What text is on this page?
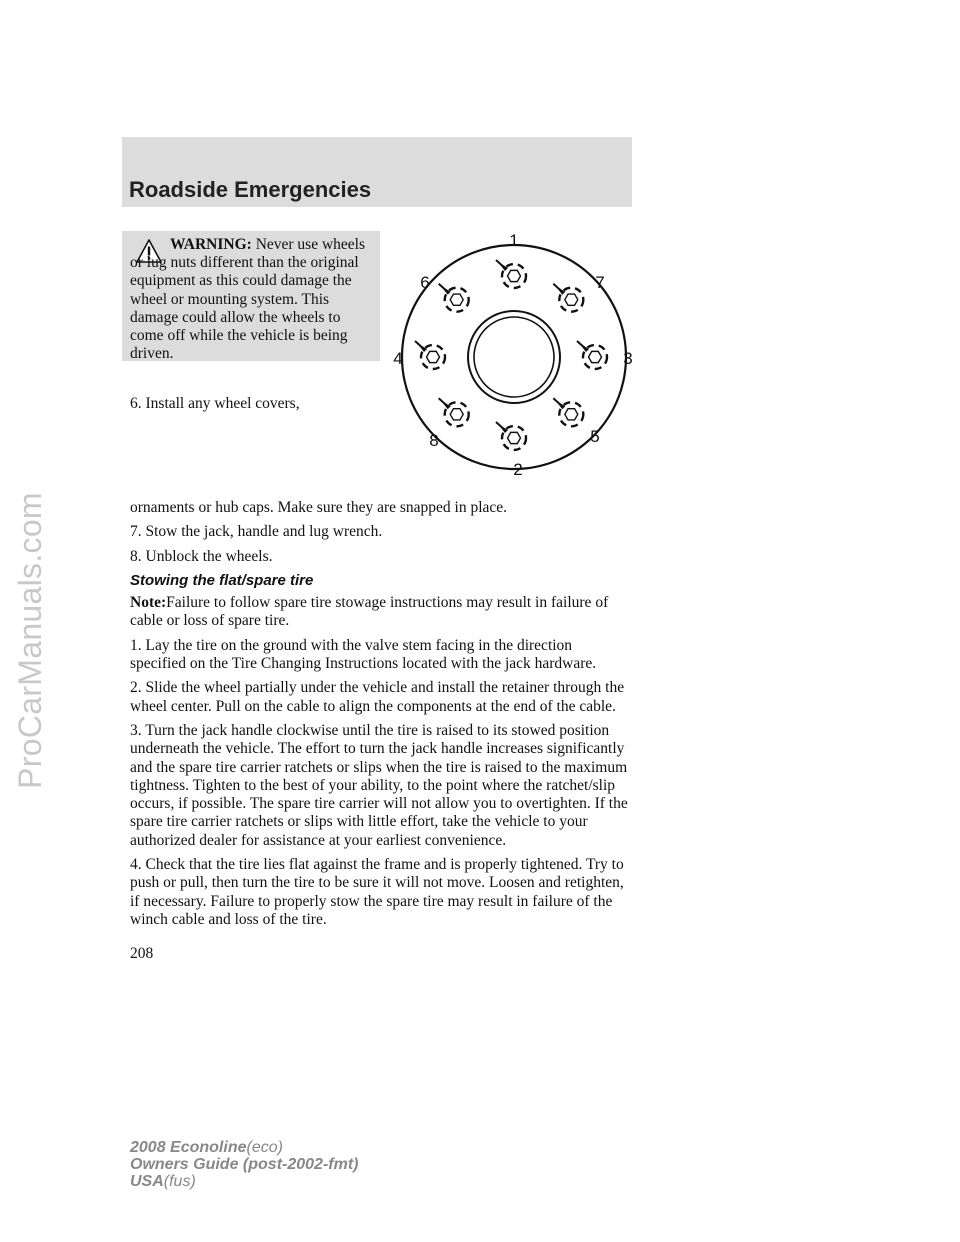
ProCarManuals.com
Roadside Emergencies
WARNING: Never use wheels or lug nuts different than the original equipment as this could damage the wheel or mounting system. This damage could allow the wheels to come off while the vehicle is being driven.
6. Install any wheel covers,
1
7
3
5
2
8
4
6

ornaments or hub caps. Make sure they are snapped in place.

7. Stow the jack, handle and lug wrench.

8. Unblock the wheels.

Stowing the flat/spare tire

Note:Failure to follow spare tire stowage instructions may result in failure of cable or loss of spare tire.

1. Lay the tire on the ground with the valve stem facing in the direction specified on the Tire Changing Instructions located with the jack hardware.

2. Slide the wheel partially under the vehicle and install the retainer through the wheel center. Pull on the cable to align the components at the end of the cable.

3. Turn the jack handle clockwise until the tire is raised to its stowed position underneath the vehicle. The effort to turn the jack handle increases significantly and the spare tire carrier ratchets or slips when the tire is raised to the maximum tightness. Tighten to the best of your ability, to the point where the ratchet/slip occurs, if possible. The spare tire carrier will not allow you to overtighten. If the spare tire carrier ratchets or slips with little effort, take the vehicle to your authorized dealer for assistance at your earliest convenience.

4. Check that the tire lies flat against the frame and is properly tightened. Try to push or pull, then turn the tire to be sure it will not move. Loosen and retighten, if necessary. Failure to properly stow the spare tire may result in failure of the winch cable and loss of the tire.

208
2008 Econoline(eco)
Owners Guide (post-2002-fmt)
USA(fus)
